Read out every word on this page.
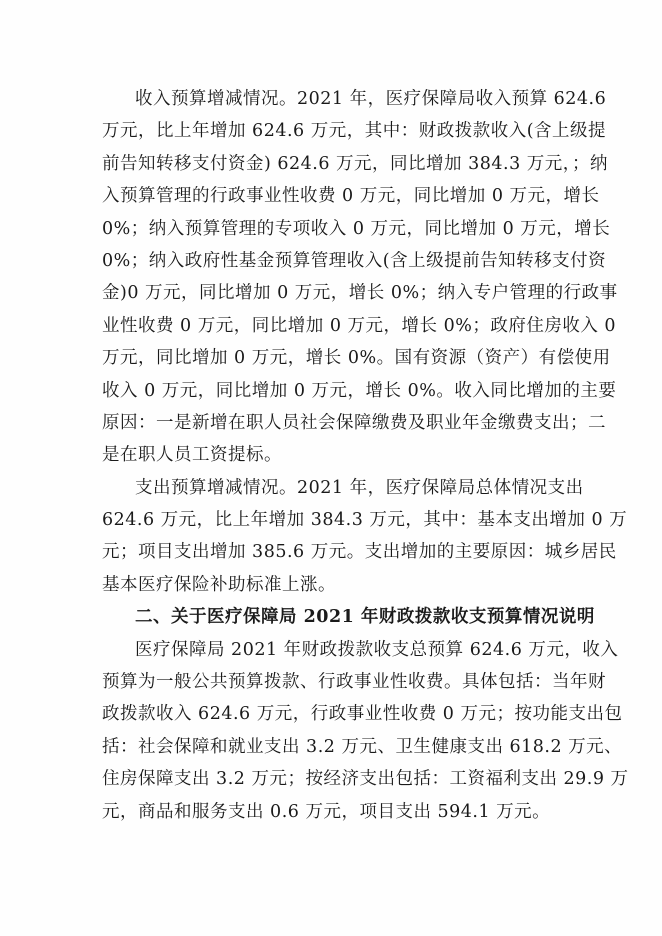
收入预算增减情况。2021 年，医疗保障局收入预算 624.6
万元，比上年增加 624.6 万元，其中：财政拨款收入(含上级提
前告知转移支付资金) 624.6 万元，同比增加 384.3 万元，；纳
入预算管理的行政事业性收费 0 万元，同比增加 0 万元，增长
0%；纳入预算管理的专项收入 0 万元，同比增加 0 万元，增长
0%；纳入政府性基金预算管理收入(含上级提前告知转移支付资
金)0 万元，同比增加 0 万元，增长 0%；纳入专户管理的行政事
业性收费 0 万元，同比增加 0 万元，增长 0%；政府住房收入 0
万元，同比增加 0 万元，增长 0%。国有资源（资产）有偿使用
收入 0 万元，同比增加 0 万元，增长 0%。收入同比增加的主要
原因：一是新增在职人员社会保障缴费及职业年金缴费支出；二
是在职人员工资提标。
支出预算增减情况。2021 年，医疗保障局总体情况支出
624.6 万元，比上年增加 384.3 万元，其中：基本支出增加 0 万
元；项目支出增加 385.6 万元。支出增加的主要原因：城乡居民
基本医疗保险补助标准上涨。
二、关于医疗保障局 2021 年财政拨款收支预算情况说明
医疗保障局 2021 年财政拨款收支总预算 624.6 万元，收入
预算为一般公共预算拨款、行政事业性收费。具体包括：当年财
政拨款收入 624.6 万元，行政事业性收费 0 万元；按功能支出包
括：社会保障和就业支出 3.2 万元、卫生健康支出 618.2 万元、
住房保障支出 3.2 万元；按经济支出包括：工资福利支出 29.9 万
元，商品和服务支出 0.6 万元，项目支出 594.1 万元。
